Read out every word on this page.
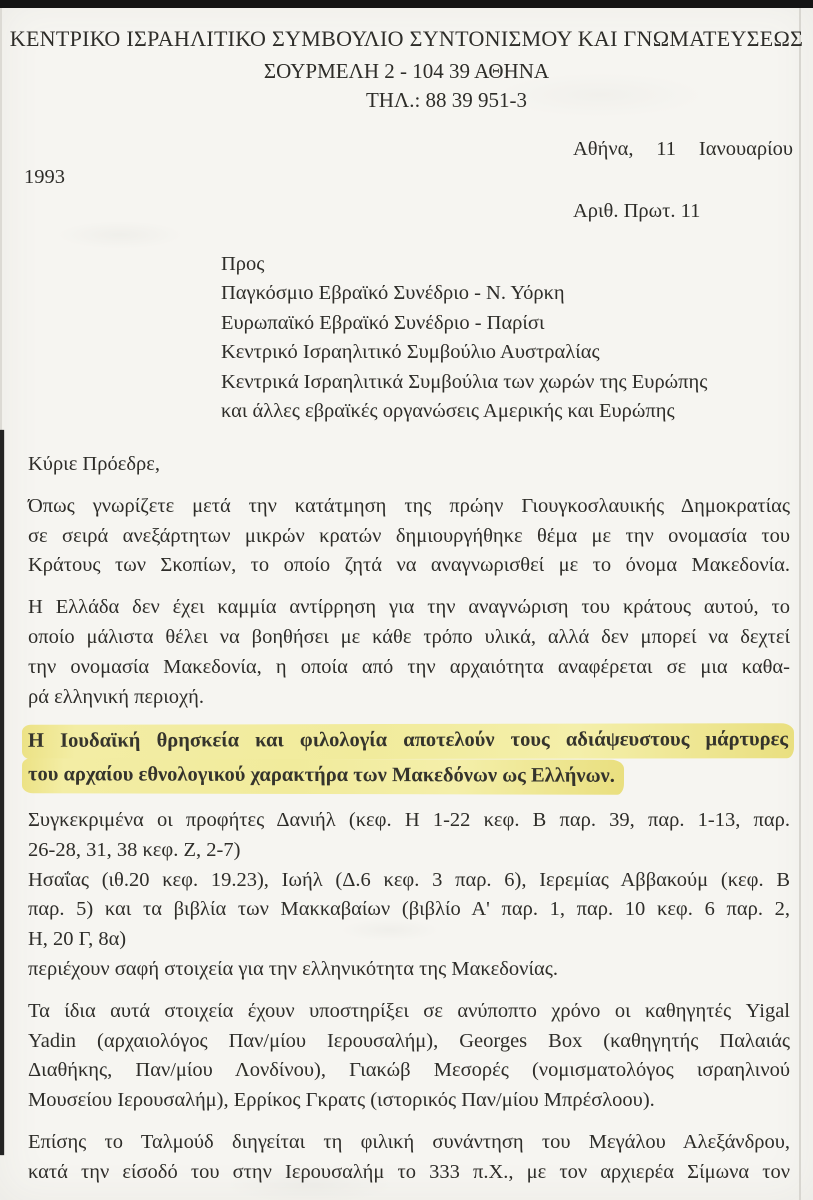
ΚΕΝΤΡΙΚΟ ΙΣΡΑΗΛΙΤΙΚΟ ΣΥΜΒΟΥΛΙΟ ΣΥΝΤΟΝΙΣΜΟΥ ΚΑΙ ΓΝΩΜΑΤΕΥΣΕΩΣ
ΣΟΥΡΜΕΛΗ 2 - 104 39 ΑΘΗΝΑ
ΤΗΛ.: 88 39 951-3
Αθήνα, 11 Ιανουαρίου
Αριθ. Πρωτ. 11
1993
Προς
Παγκόσμιο Εβραϊκό Συνέδριο - Ν. Υόρκη
Ευρωπαϊκό Εβραϊκό Συνέδριο - Παρίσι
Κεντρικό Ισραηλιτικό Συμβούλιο Αυστραλίας
Κεντρικά Ισραηλιτικά Συμβούλια των χωρών της Ευρώπης
και άλλες εβραϊκές οργανώσεις Αμερικής και Ευρώπης
Κύριε Πρόεδρε,
Όπως γνωρίζετε μετά την κατάτμηση της πρώην Γιουγκοσλαυικής Δημοκρατίας
σε σειρά ανεξάρτητων μικρών κρατών δημιουργήθηκε θέμα με την ονομασία του
Κράτους των Σκοπίων, το οποίο ζητά να αναγνωρισθεί με το όνομα Μακεδονία.
Η Ελλάδα δεν έχει καμμία αντίρρηση για την αναγνώριση του κράτους αυτού, το
οποίο μάλιστα θέλει να βοηθήσει με κάθε τρόπο υλικά, αλλά δεν μπορεί να δεχτεί
την ονομασία Μακεδονία, η οποία από την αρχαιότητα αναφέρεται σε μια καθα-
ρά ελληνική περιοχή.
Η Ιουδαϊκή θρησκεία και φιλολογία αποτελούν τους αδιάψευστους μάρτυρες
του αρχαίου εθνολογικού χαρακτήρα των Μακεδόνων ως Ελλήνων.
Συγκεκριμένα οι προφήτες Δανιήλ (κεφ. Η 1-22 κεφ. Β παρ. 39, παρ. 1-13, παρ.
26-28, 31, 38 κεφ. Ζ, 2-7)
Ησαΐας (ιθ.20 κεφ. 19.23), Ιωήλ (Δ.6 κεφ. 3 παρ. 6), Ιερεμίας Αββακούμ (κεφ. Β
παρ. 5) και τα βιβλία των Μακκαβαίων (βιβλίο Α' παρ. 1, παρ. 10 κεφ. 6 παρ. 2,
Η, 20 Γ, 8α)
περιέχουν σαφή στοιχεία για την ελληνικότητα της Μακεδονίας.
Τα ίδια αυτά στοιχεία έχουν υποστηρίξει σε ανύποπτο χρόνο οι καθηγητές Yigal
Yadin (αρχαιολόγος Παν/μίου Ιερουσαλήμ), Georges Box (καθηγητής Παλαιάς
Διαθήκης, Παν/μίου Λονδίνου), Γιακώβ Μεσορές (νομισματολόγος ισραηλινού
Μουσείου Ιερουσαλήμ), Ερρίκος Γκρατς (ιστορικός Παν/μίου Μπρέσλοου).
Επίσης το Ταλμούδ διηγείται τη φιλική συνάντηση του Μεγάλου Αλεξάνδρου,
κατά την είσοδό του στην Ιερουσαλήμ το 333 π.Χ., με τον αρχιερέα Σίμωνα τον
